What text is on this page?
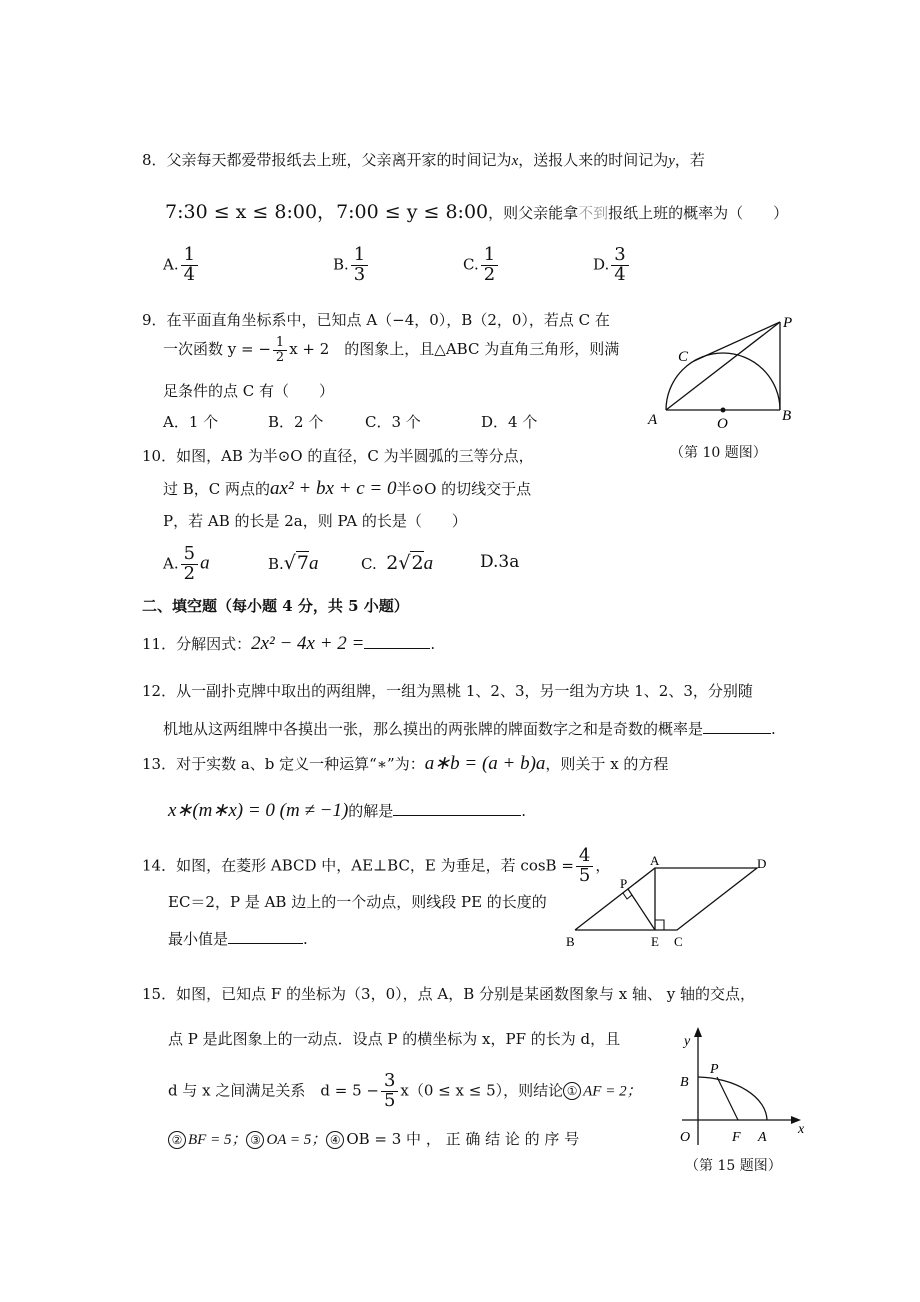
8．父亲每天都爱带报纸去上班，父亲离开家的时间记为x，送报人来的时间记为y，若
7:30 ≤ x ≤ 8:00，7:00 ≤ y ≤ 8:00，则父亲能拿不到报纸上班的概率为（　　）
A. $\frac{1}{4}$	B. $\frac{1}{3}$	C. $\frac{1}{2}$	D. $\frac{3}{4}$
9．在平面直角坐标系中，已知点 A（−4，0），B（2，0），若点 C 在
一次函数 y = − $\frac{1}{2}$ x + 2　的图象上，且△ABC 为直角三角形，则满
足条件的点 C 有（　　）
A．1 个	B．2 个	C．3 个	D．4 个
P
C
A	O	B
（第 10 题图）
10．如图，AB 为半⊙O 的直径，C 为半圆弧的三等分点，
过 B，C 两点的ax² + bx + c = 0半⊙O 的切线交于点
P，若 AB 的长是 2a，则 PA 的长是（　　）
A. $\frac{5}{2}$ a	B.√7a	C. 2√2a	D.3a
二、填空题（每小题 4 分，共 5 小题）
11．分解因式：2x² − 4x + 2 =	.
12．从一副扑克牌中取出的两组牌，一组为黑桃 1、2、3，另一组为方块 1、2、3，分别随
机地从这两组牌中各摸出一张，那么摸出的两张牌的牌面数字之和是奇数的概率是	.
13．对于实数 a、b 定义一种运算“∗”为：a∗b = (a + b)a，则关于 x 的方程
x∗(m∗x) = 0 (m ≠ −1)的解是	.
14．如图，在菱形 ABCD 中，AE⊥BC，E 为垂足，若 $\cos B = \frac{4}{5}$ ，
EC＝2，P 是 AB 边上的一个动点，则线段 PE 的长度的
最小值是	.
A	D
P
B	E C
15．如图，已知点 F 的坐标为（3，0），点 A，B 分别是某函数图象与 x 轴、 y 轴的交点，
点 P 是此图象上的一动点．设点 P 的横坐标为 x，PF 的长为 d，且
d 与 x 之间满足关系　$d = 5 - \frac{3}{5} x(0 \le x \le 5)$，则结论 ① AF = 2；
② BF = 5； ③ OA = 5； ④ OB = 3 中 ， 正 确 结 论 的 序 号
y
B
P
O	F A
x
（第 15 题图）
